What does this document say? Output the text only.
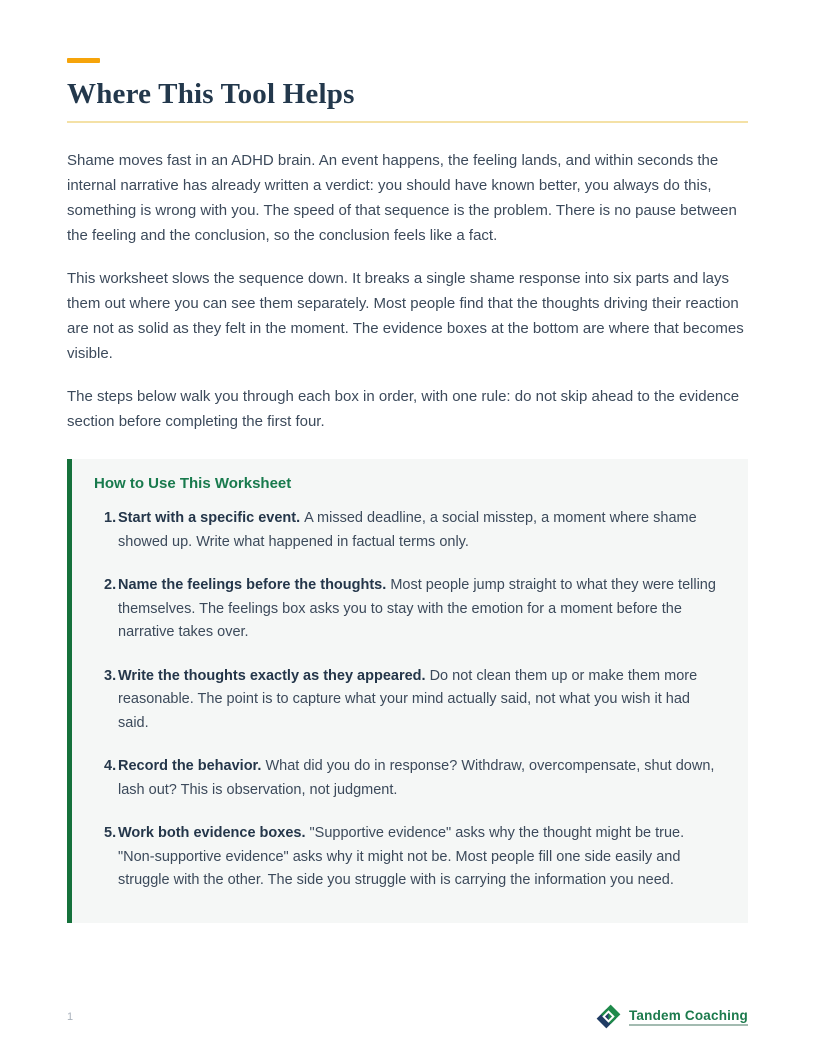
Where This Tool Helps

Shame moves fast in an ADHD brain. An event happens, the feeling lands, and within seconds the internal narrative has already written a verdict: you should have known better, you always do this, something is wrong with you. The speed of that sequence is the problem. There is no pause between the feeling and the conclusion, so the conclusion feels like a fact.

This worksheet slows the sequence down. It breaks a single shame response into six parts and lays them out where you can see them separately. Most people find that the thoughts driving their reaction are not as solid as they felt in the moment. The evidence boxes at the bottom are where that becomes visible.

The steps below walk you through each box in order, with one rule: do not skip ahead to the evidence section before completing the first four.

How to Use This Worksheet
1. Start with a specific event. A missed deadline, a social misstep, a moment where shame showed up. Write what happened in factual terms only.
2. Name the feelings before the thoughts. Most people jump straight to what they were telling themselves. The feelings box asks you to stay with the emotion for a moment before the narrative takes over.
3. Write the thoughts exactly as they appeared. Do not clean them up or make them more reasonable. The point is to capture what your mind actually said, not what you wish it had said.
4. Record the behavior. What did you do in response? Withdraw, overcompensate, shut down, lash out? This is observation, not judgment.
5. Work both evidence boxes. "Supportive evidence" asks why the thought might be true. "Non-supportive evidence" asks why it might not be. Most people fill one side easily and struggle with the other. The side you struggle with is carrying the information you need.
1	Tandem Coaching
